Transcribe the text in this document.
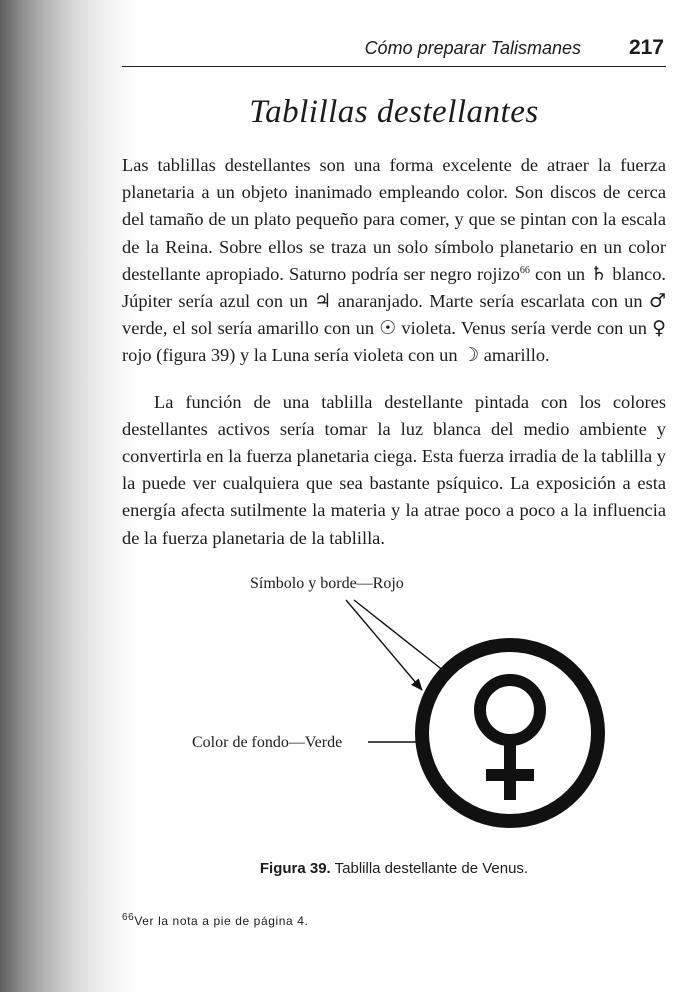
Cómo preparar Talismanes 217
Tablillas destellantes

Las tablillas destellantes son una forma excelente de atraer la fuerza planetaria a un objeto inanimado empleando color. Son discos de cerca del tamaño de un plato pequeño para comer, y que se pintan con la escala de la Reina. Sobre ellos se traza un solo símbolo planetario en un color destellante apropiado. Saturno podría ser negro rojizo$^{66}$ con un ♄ blanco. Júpiter sería azul con un ♃ anaranjado. Marte sería escarlata con un ♂ verde, el sol sería amarillo con un ☉ violeta. Venus sería verde con un ♀ rojo (figura 39) y la Luna sería violeta con un ☽ amarillo.

La función de una tablilla destellante pintada con los colores destellantes activos sería tomar la luz blanca del medio ambiente y convertirla en la fuerza planetaria ciega. Esta fuerza irradia de la tablilla y la puede ver cualquiera que sea bastante psíquico. La exposición a esta energía afecta sutilmente la materia y la atrae poco a poco a la influencia de la fuerza planetaria de la tablilla.

Símbolo y borde—Rojo
Color de fondo—Verde
Figura 39. Tablilla destellante de Venus.
$^{66}$Ver la nota a pie de página 4.
